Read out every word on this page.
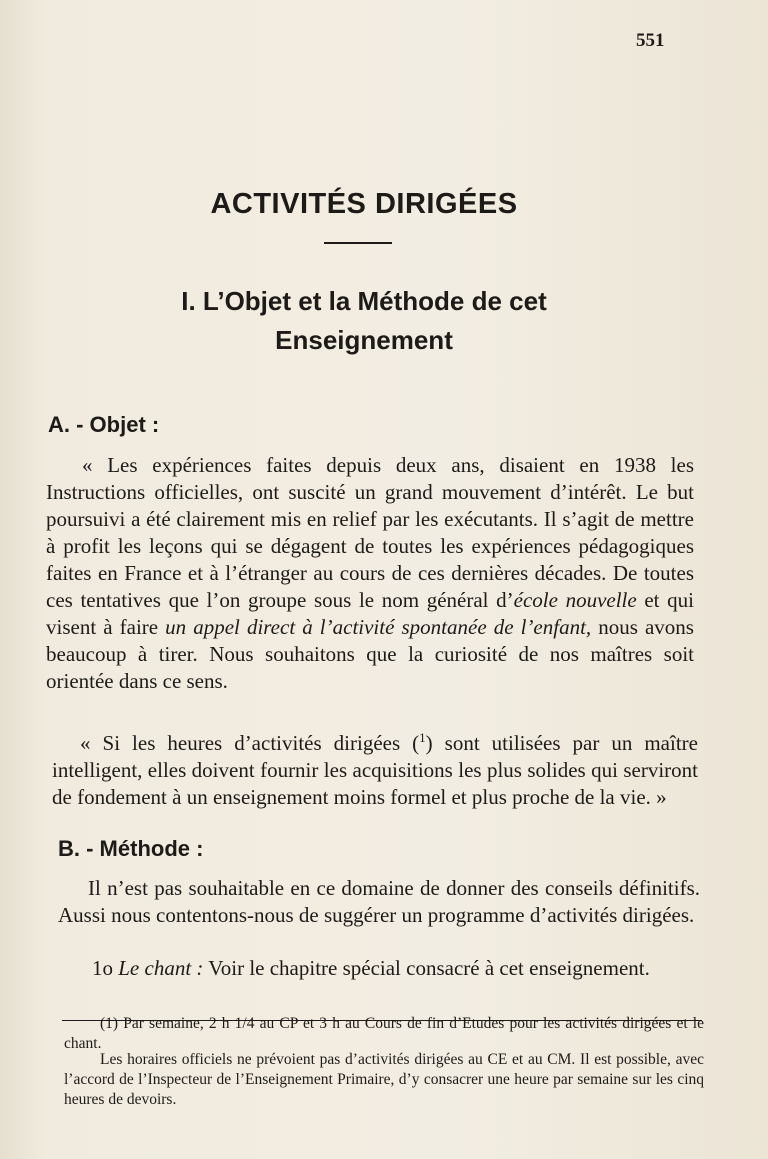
551
ACTIVITÉS DIRIGÉES
I. L’Objet et la Méthode de cet
Enseignement
A. - Objet :
« Les expériences faites depuis deux ans, disaient en 1938 les Instructions officielles, ont suscité un grand mouvement d’intérêt. Le but poursuivi a été clairement mis en relief par les exécutants. Il s’agit de mettre à profit les leçons qui se dégagent de toutes les expériences pédagogiques faites en France et à l’étranger au cours de ces dernières décades. De toutes ces tentatives que l’on groupe sous le nom général d’école nouvelle et qui visent à faire un appel direct à l’activité spontanée de l’enfant, nous avons beaucoup à tirer. Nous souhaitons que la curiosité de nos maîtres soit orientée dans ce sens.
« Si les heures d’activités dirigées ($^1$) sont utilisées par un maître intelligent, elles doivent fournir les acquisitions les plus solides qui serviront de fondement à un enseignement moins formel et plus proche de la vie. »
B. - Méthode :
Il n’est pas souhaitable en ce domaine de donner des conseils définitifs. Aussi nous contentons-nous de suggérer un programme d’activités dirigées.
1o Le chant : Voir le chapitre spécial consacré à cet enseignement.
(1) Par semaine, 2 h 1/4 au CP et 3 h au Cours de fin d’Etudes pour les activités dirigées et le chant.
Les horaires officiels ne prévoient pas d’activités dirigées au CE et au CM. Il est possible, avec l’accord de l’Inspecteur de l’Enseignement Primaire, d’y consacrer une heure par semaine sur les cinq heures de devoirs.
